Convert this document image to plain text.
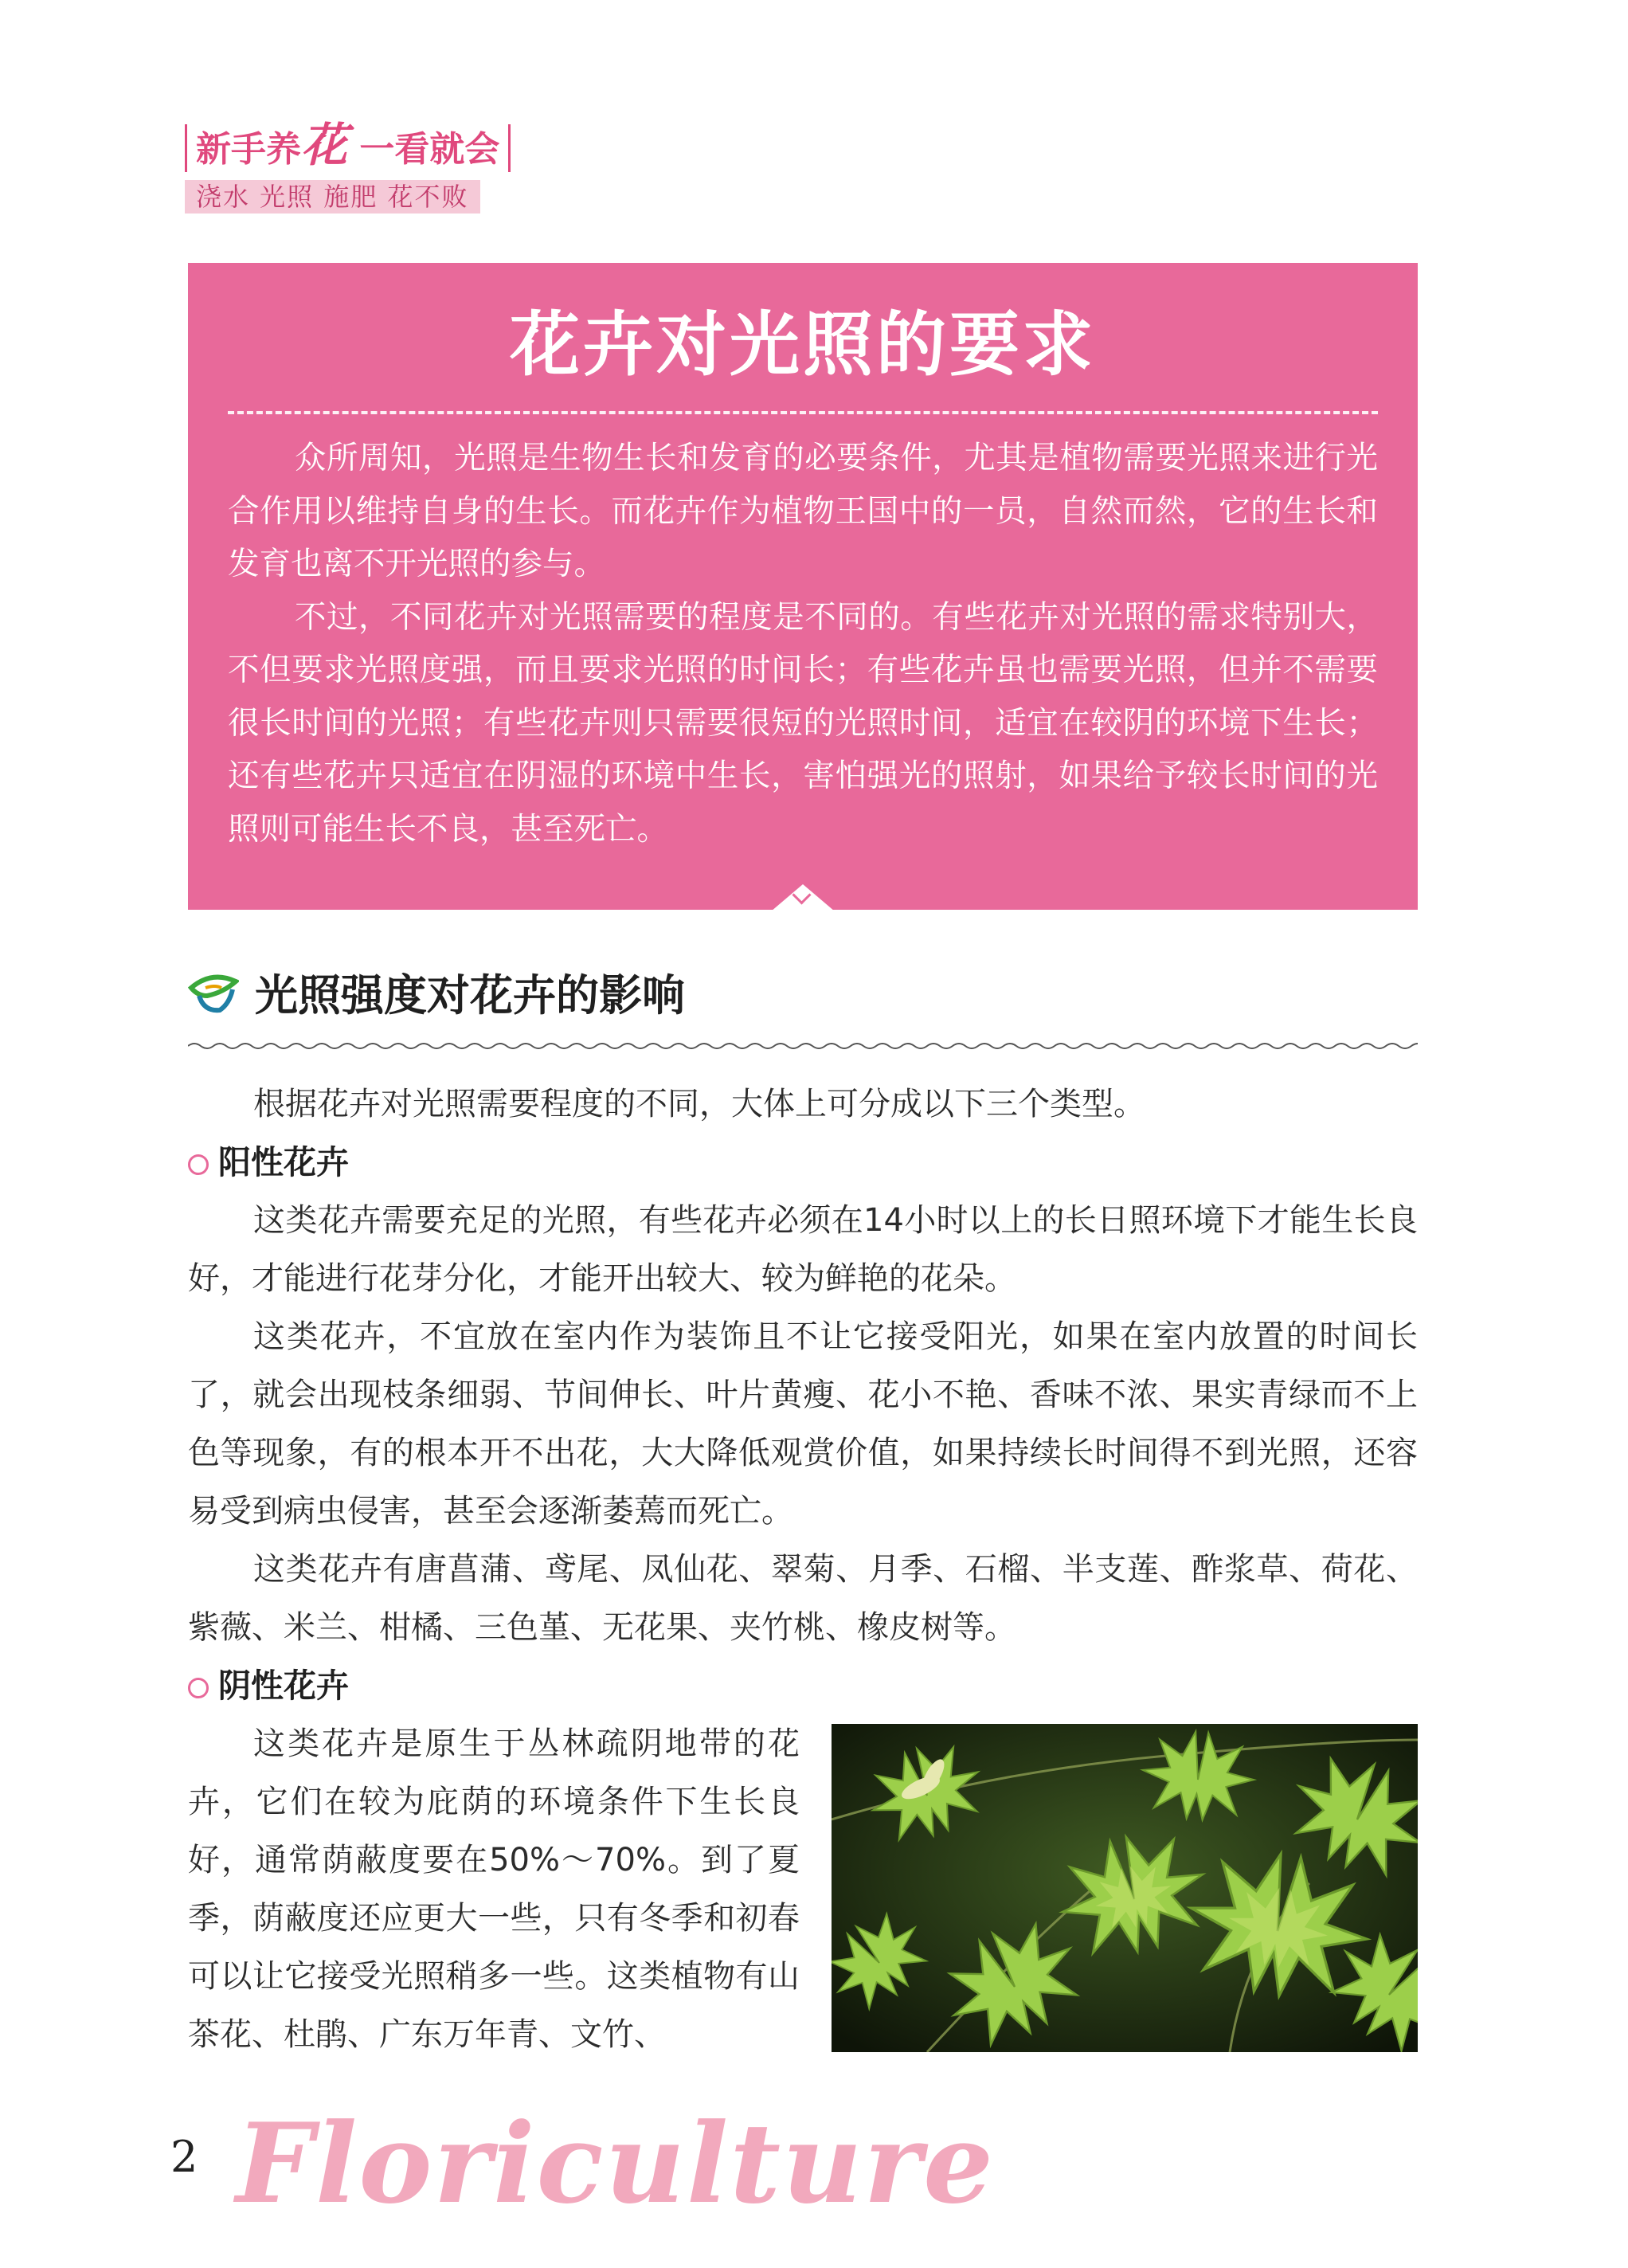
新手养花 一看就会
浇水 光照 施肥 花不败
花卉对光照的要求

众所周知，光照是生物生长和发育的必要条件，尤其是植物需要光照来进行光合作用以维持自身的生长。而花卉作为植物王国中的一员，自然而然，它的生长和发育也离不开光照的参与。

不过，不同花卉对光照需要的程度是不同的。有些花卉对光照的需求特别大，不但要求光照度强，而且要求光照的时间长；有些花卉虽也需要光照，但并不需要很长时间的光照；有些花卉则只需要很短的光照时间，适宜在较阴的环境下生长；还有些花卉只适宜在阴湿的环境中生长，害怕强光的照射，如果给予较长时间的光照则可能生长不良，甚至死亡。

光照强度对花卉的影响

根据花卉对光照需要程度的不同，大体上可分成以下三个类型。

阳性花卉

这类花卉需要充足的光照，有些花卉必须在14小时以上的长日照环境下才能生长良好，才能进行花芽分化，才能开出较大、较为鲜艳的花朵。

这类花卉，不宜放在室内作为装饰且不让它接受阳光，如果在室内放置的时间长了，就会出现枝条细弱、节间伸长、叶片黄瘦、花小不艳、香味不浓、果实青绿而不上色等现象，有的根本开不出花，大大降低观赏价值，如果持续长时间得不到光照，还容易受到病虫侵害，甚至会逐渐萎蔫而死亡。

这类花卉有唐菖蒲、鸢尾、凤仙花、翠菊、月季、石榴、半支莲、酢浆草、荷花、紫薇、米兰、柑橘、三色堇、无花果、夹竹桃、橡皮树等。

阴性花卉

这类花卉是原生于丛林疏阴地带的花卉，它们在较为庇荫的环境条件下生长良好，通常荫蔽度要在50%～70%。到了夏季，荫蔽度还应更大一些，只有冬季和初春可以让它接受光照稍多一些。这类植物有山茶花、杜鹃、广东万年青、文竹、

2 Floriculture
